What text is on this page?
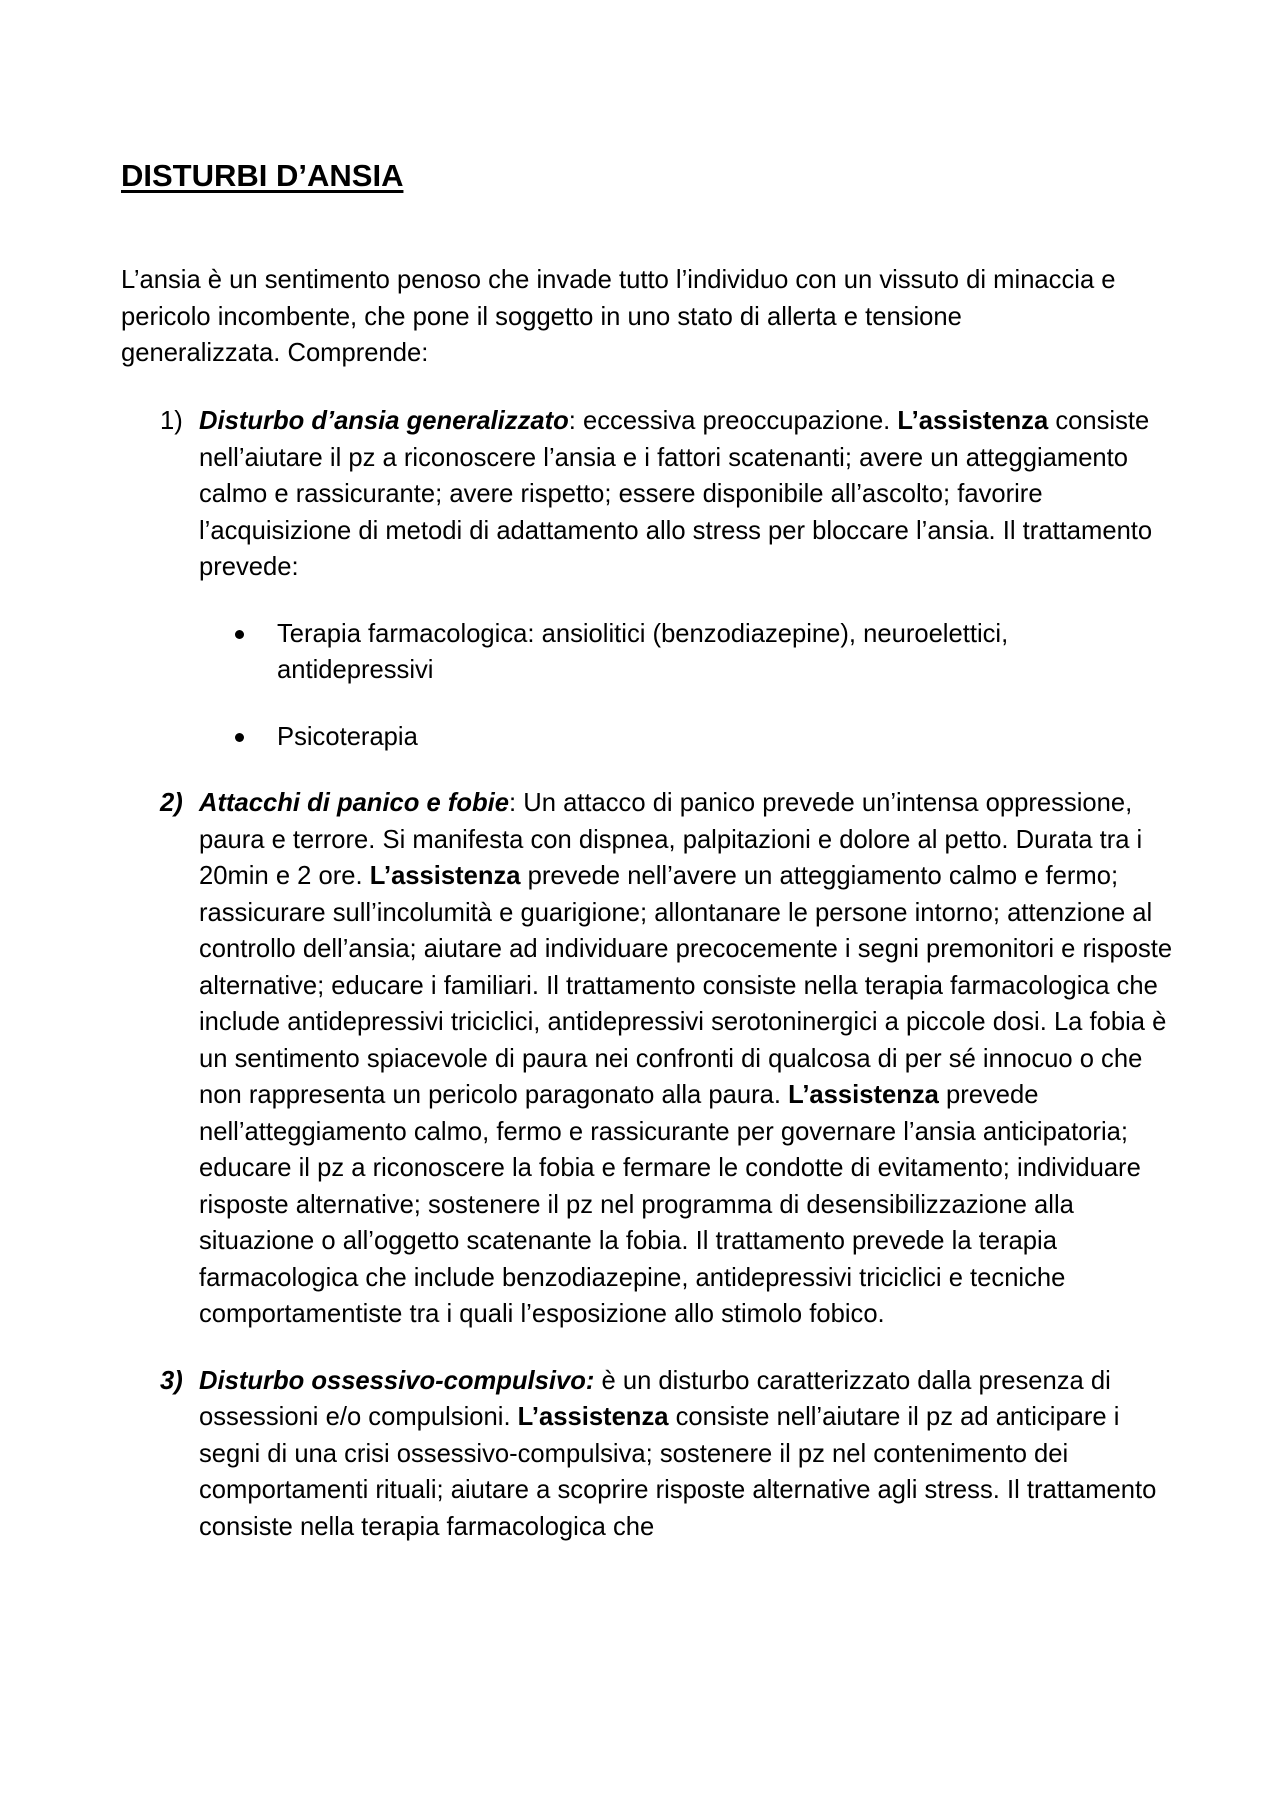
DISTURBI D’ANSIA

L’ansia è un sentimento penoso che invade tutto l’individuo con un vissuto di minaccia e pericolo incombente, che pone il soggetto in uno stato di allerta e tensione generalizzata. Comprende:

1) Disturbo d’ansia generalizzato: eccessiva preoccupazione. L’assistenza consiste nell’aiutare il pz a riconoscere l’ansia e i fattori scatenanti; avere un atteggiamento calmo e rassicurante; avere rispetto; essere disponibile all’ascolto; favorire l’acquisizione di metodi di adattamento allo stress per bloccare l’ansia. Il trattamento prevede:

Terapia farmacologica: ansiolitici (benzodiazepine), neuroelettici, antidepressivi
Psicoterapia
2) Attacchi di panico e fobie: Un attacco di panico prevede un’intensa oppressione, paura e terrore. Si manifesta con dispnea, palpitazioni e dolore al petto. Durata tra i 20min e 2 ore. L’assistenza prevede nell’avere un atteggiamento calmo e fermo; rassicurare sull’incolumità e guarigione; allontanare le persone intorno; attenzione al controllo dell’ansia; aiutare ad individuare precocemente i segni premonitori e risposte alternative; educare i familiari. Il trattamento consiste nella terapia farmacologica che include antidepressivi triciclici, antidepressivi serotoninergici a piccole dosi. La fobia è un sentimento spiacevole di paura nei confronti di qualcosa di per sé innocuo o che non rappresenta un pericolo paragonato alla paura. L’assistenza prevede nell’atteggiamento calmo, fermo e rassicurante per governare l’ansia anticipatoria; educare il pz a riconoscere la fobia e fermare le condotte di evitamento; individuare risposte alternative; sostenere il pz nel programma di desensibilizzazione alla situazione o all’oggetto scatenante la fobia. Il trattamento prevede la terapia farmacologica che include benzodiazepine, antidepressivi triciclici e tecniche comportamentiste tra i quali l’esposizione allo stimolo fobico.

3) Disturbo ossessivo-compulsivo: è un disturbo caratterizzato dalla presenza di ossessioni e/o compulsioni. L’assistenza consiste nell’aiutare il pz ad anticipare i segni di una crisi ossessivo-compulsiva; sostenere il pz nel contenimento dei comportamenti rituali; aiutare a scoprire risposte alternative agli stress. Il trattamento consiste nella terapia farmacologica che
